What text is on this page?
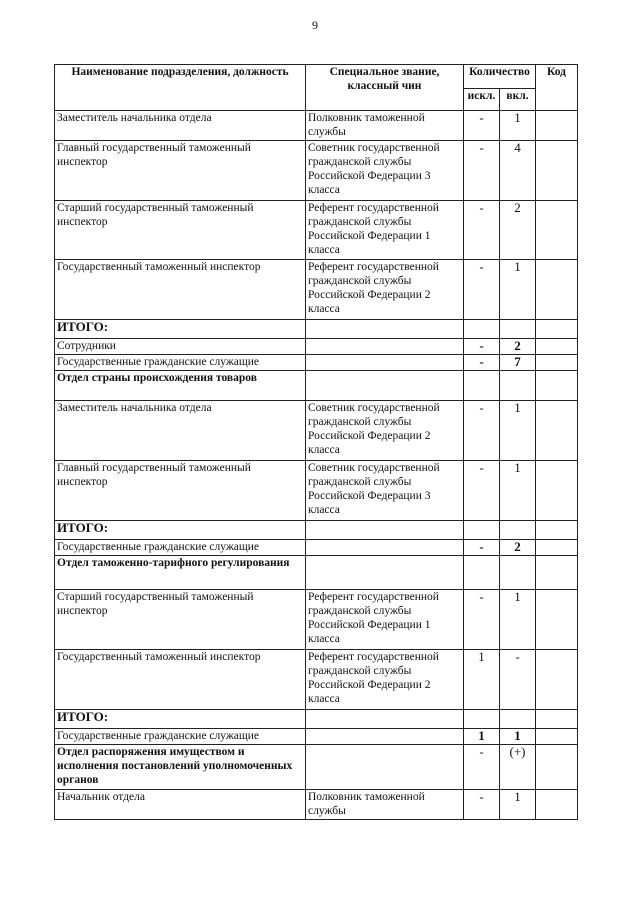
9
Наименование подразделения, должность	Специальное звание, классный чин	Количество		Код
		искл.	вкл.	
Заместитель начальника отдела	Полковник таможенной службы	-	1	
Главный государственный таможенный инспектор	Советник государственной гражданской службы Российской Федерации 3 класса	-	4	
Старший государственный таможенный инспектор	Референт государственной гражданской службы Российской Федерации 1 класса	-	2	
Государственный таможенный инспектор	Референт государственной гражданской службы Российской Федерации 2 класса	-	1	
ИТОГО:				
Сотрудники		-	2	
Государственные гражданские служащие		-	7	
Отдел страны происхождения товаров				
Заместитель начальника отдела	Советник государственной гражданской службы Российской Федерации 2 класса	-	1	
Главный государственный таможенный инспектор	Советник государственной гражданской службы Российской Федерации 3 класса	-	1	
ИТОГО:				
Государственные гражданские служащие		-	2	
Отдел таможенно-тарифного регулирования				
Старший государственный таможенный инспектор	Референт государственной гражданской службы Российской Федерации 1 класса	-	1	
Государственный таможенный инспектор	Референт государственной гражданской службы Российской Федерации 2 класса	1	-	
ИТОГО:				
Государственные гражданские служащие		1	1	
Отдел распоряжения имуществом и исполнения постановлений уполномоченных органов		-	(+)	
Начальник отдела	Полковник таможенной службы	-	1	
